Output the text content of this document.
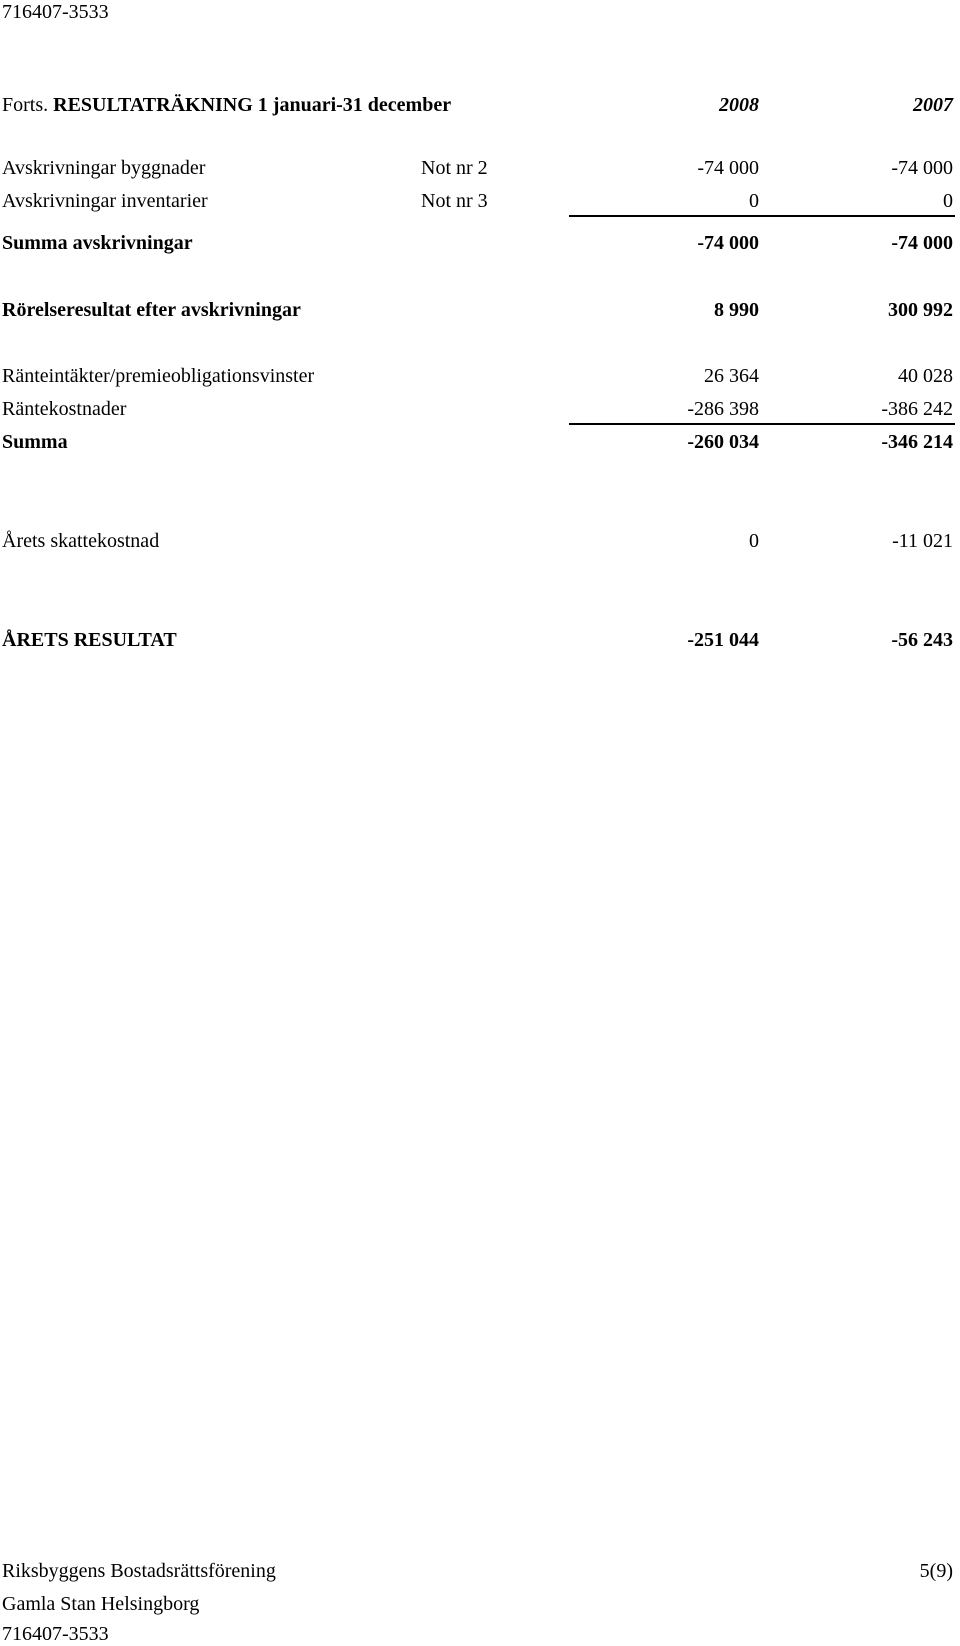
716407-3533
Forts. RESULTATRÄKNING 1 januari-31 december	2008	2007
Avskrivningar byggnader	Not nr 2	-74 000	-74 000
Avskrivningar inventarier	Not nr 3	0	0
Summa avskrivningar	-74 000	-74 000
Rörelseresultat efter avskrivningar	8 990	300 992
Ränteintäkter/premieobligationsvinster	26 364	40 028
Räntekostnader	-286 398	-386 242
Summa	-260 034	-346 214
Årets skattekostnad	0	-11 021
ÅRETS RESULTAT	-251 044	-56 243
Riksbyggens Bostadsrättsförening	5(9)
Gamla Stan Helsingborg
716407-3533
